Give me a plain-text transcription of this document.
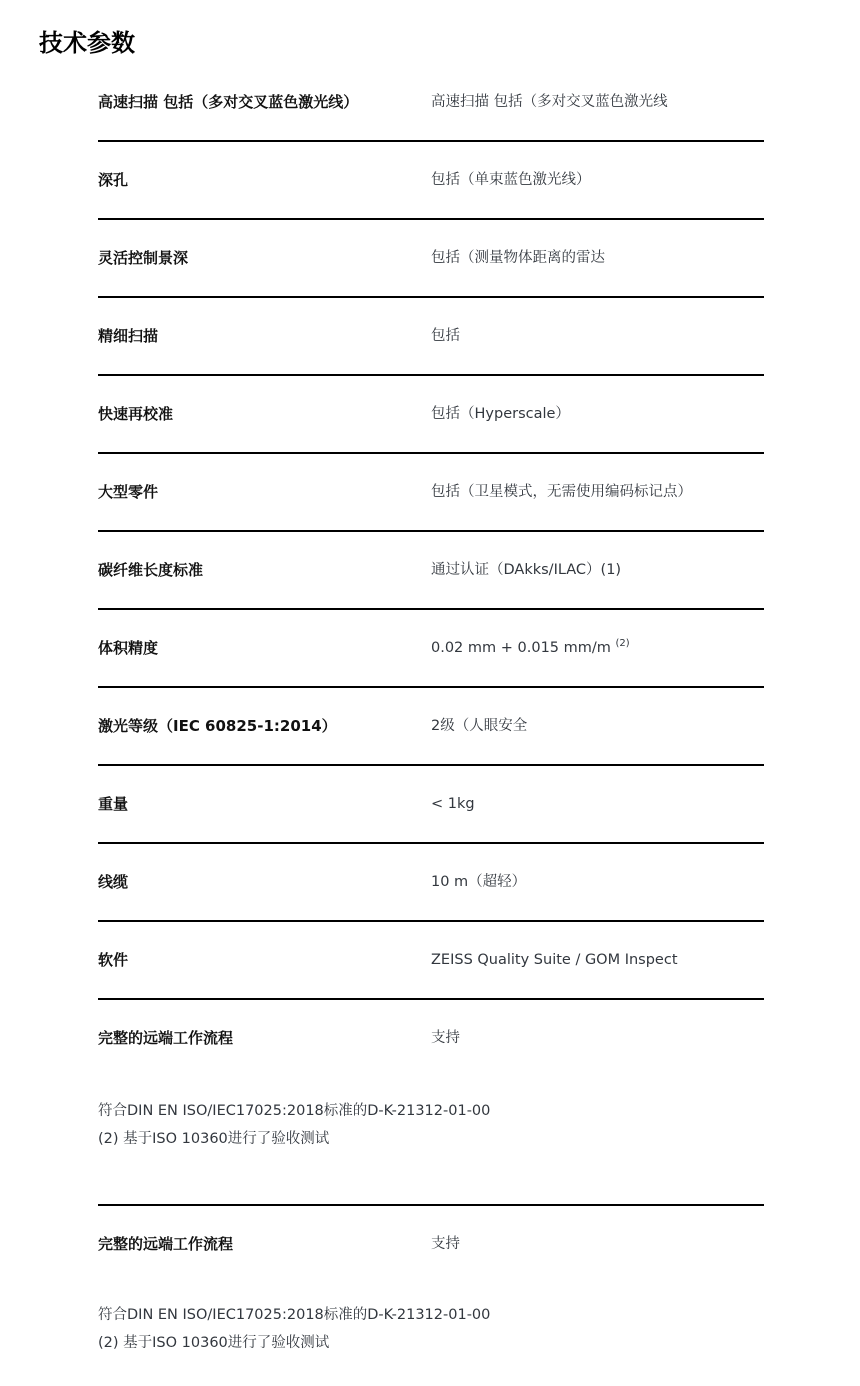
技术参数
高速扫描 包括（多对交叉蓝色激光线）	高速扫描 包括（多对交叉蓝色激光线
深孔	包括（单束蓝色激光线）
灵活控制景深	包括（测量物体距离的雷达
精细扫描	包括
快速再校准	包括（Hyperscale）
大型零件	包括（卫星模式，无需使用编码标记点）
碳纤维长度标准	通过认证（DAkks/ILAC）(1)
体积精度	0.02 mm + 0.015 mm/m $^{(2)}$
激光等级（IEC 60825-1:2014）	2级（人眼安全
重量	< 1kg
线缆	10 m（超轻）
软件	ZEISS Quality Suite / GOM Inspect
完整的远端工作流程	支持
符合DIN EN ISO/IEC17025:2018标准的D-K-21312-01-00
(2) 基于ISO 10360进行了验收测试
完整的远端工作流程	支持
符合DIN EN ISO/IEC17025:2018标准的D-K-21312-01-00
(2) 基于ISO 10360进行了验收测试
